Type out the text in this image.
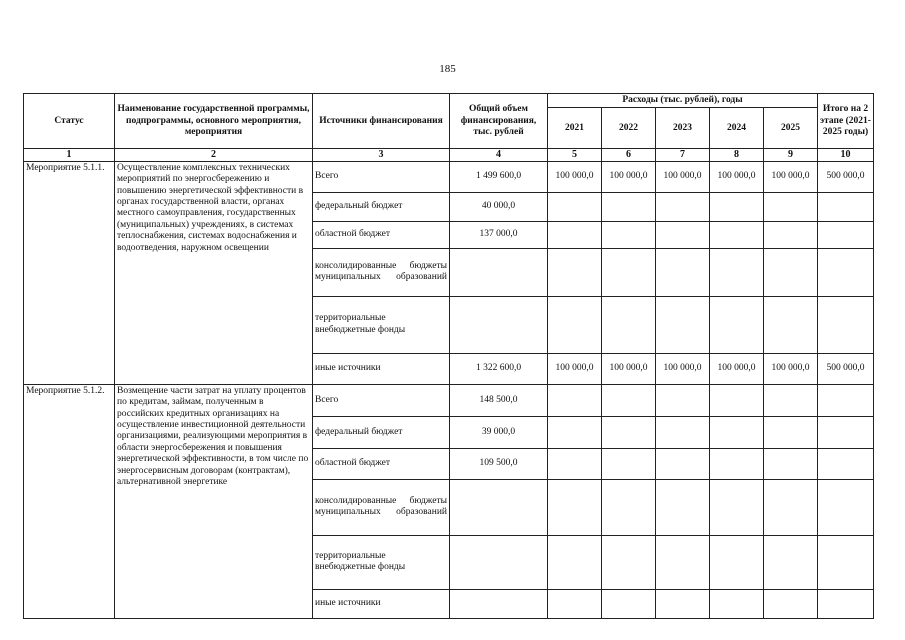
185
Статус	Наименование государственной программы, подпрограммы, основного мероприятия, мероприятия	Источники финансирования	Общий объем финансирования, тыс. рублей	Расходы (тыс. рублей), годы					Итого на 2 этапе (2021-2025 годы)
				2021	2022	2023	2024	2025	
1	2	3	4	5	6	7	8	9	10
Мероприятие 5.1.1.	Осуществление комплексных технических мероприятий по энергосбережению и повышению энергетической эффективности в органах государственной власти, органах местного самоуправления, государственных (муниципальных) учреждениях, в системах теплоснабжения, системах водоснабжения и водоотведения, наружном освещении	Всего	1 499 600,0	100 000,0	100 000,0	100 000,0	100 000,0	100 000,0	500 000,0
		федеральный бюджет	40 000,0						
		областной бюджет	137 000,0						
		консолидированные бюджеты муниципальных образований							
		территориальные внебюджетные фонды							
		иные источники	1 322 600,0	100 000,0	100 000,0	100 000,0	100 000,0	100 000,0	500 000,0
Мероприятие 5.1.2.	Возмещение части затрат на уплату процентов по кредитам, займам, полученным в российских кредитных организациях на осуществление инвестиционной деятельности организациями, реализующими мероприятия в области энергосбережения и повышения энергетической эффективности, в том числе по энергосервисным договорам (контрактам), альтернативной энергетике	Всего	148 500,0						
		федеральный бюджет	39 000,0						
		областной бюджет	109 500,0						
		консолидированные бюджеты муниципальных образований							
		территориальные внебюджетные фонды							
		иные источники							
